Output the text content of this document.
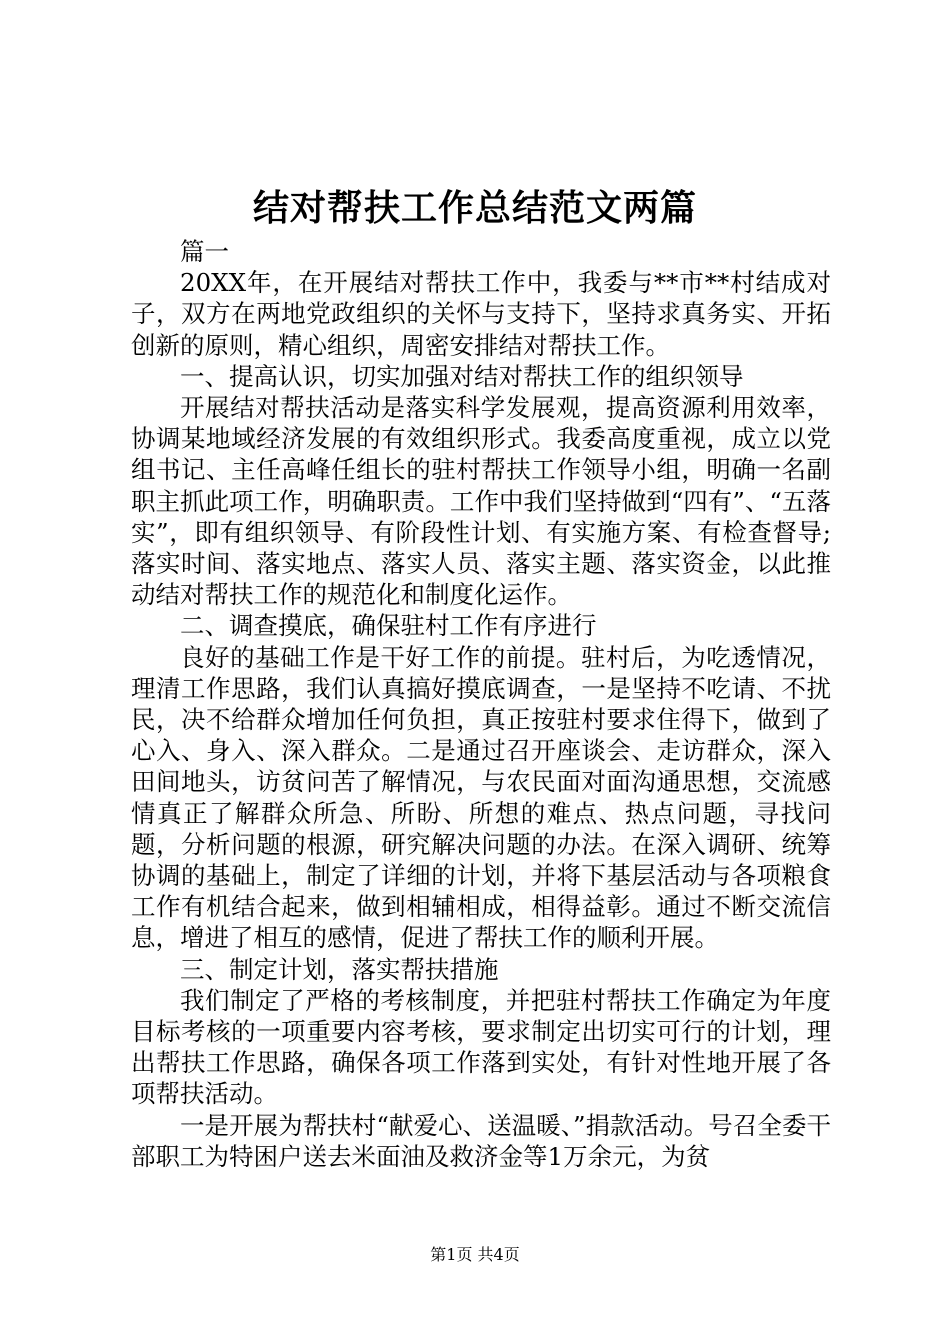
结对帮扶工作总结范文两篇

篇一

20XX年，在开展结对帮扶工作中，我委与**市**村结成对子，双方在两地党政组织的关怀与支持下，坚持求真务实、开拓创新的原则，精心组织，周密安排结对帮扶工作。

一、提高认识，切实加强对结对帮扶工作的组织领导

开展结对帮扶活动是落实科学发展观，提高资源利用效率，协调某地域经济发展的有效组织形式。我委高度重视，成立以党组书记、主任高峰任组长的驻村帮扶工作领导小组，明确一名副职主抓此项工作，明确职责。工作中我们坚持做到“四有”、“五落实”，即有组织领导、有阶段性计划、有实施方案、有检查督导;落实时间、落实地点、落实人员、落实主题、落实资金，以此推动结对帮扶工作的规范化和制度化运作。

二、调查摸底，确保驻村工作有序进行

良好的基础工作是干好工作的前提。驻村后，为吃透情况，理清工作思路，我们认真搞好摸底调查，一是坚持不吃请、不扰民，决不给群众增加任何负担，真正按驻村要求住得下，做到了心入、身入、深入群众。二是通过召开座谈会、走访群众，深入田间地头，访贫问苦了解情况，与农民面对面沟通思想，交流感情真正了解群众所急、所盼、所想的难点、热点问题，寻找问题，分析问题的根源，研究解决问题的办法。在深入调研、统筹协调的基础上，制定了详细的计划，并将下基层活动与各项粮食工作有机结合起来，做到相辅相成，相得益彰。通过不断交流信息，增进了相互的感情，促进了帮扶工作的顺利开展。

三、制定计划，落实帮扶措施

我们制定了严格的考核制度，并把驻村帮扶工作确定为年度目标考核的一项重要内容考核，要求制定出切实可行的计划，理出帮扶工作思路，确保各项工作落到实处，有针对性地开展了各项帮扶活动。

一是开展为帮扶村“献爱心、送温暖、”捐款活动。号召全委干部职工为特困户送去米面油及救济金等1万余元，为贫

第1页 共4页
